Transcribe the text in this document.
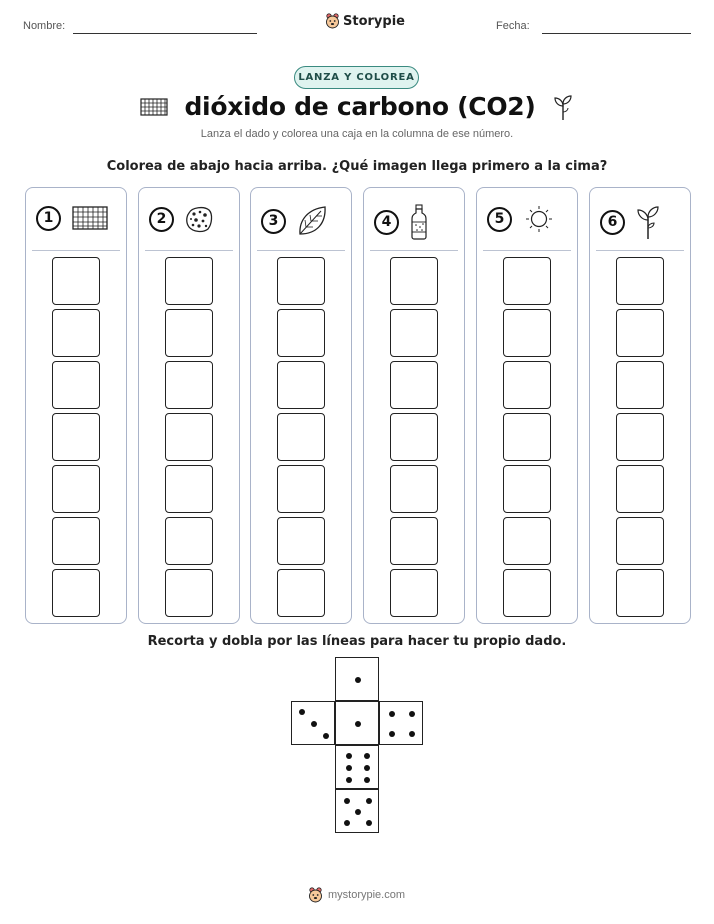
Nombre:	Storypie	Fecha:
LANZA Y COLOREA
dióxido de carbono (CO2)
Lanza el dado y colorea una caja en la columna de ese número.
Colorea de abajo hacia arriba. ¿Qué imagen llega primero a la cima?
1	2	3	4	5	6
Recorta y dobla por las líneas para hacer tu propio dado.
mystorypie.com
